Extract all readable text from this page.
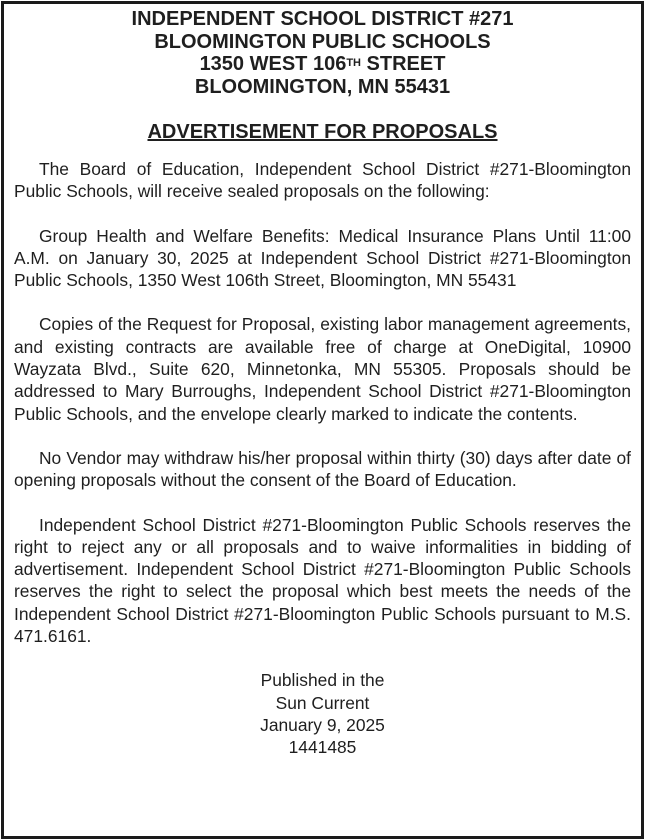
INDEPENDENT SCHOOL DISTRICT #271
BLOOMINGTON PUBLIC SCHOOLS
1350 WEST 106TH STREET
BLOOMINGTON, MN 55431
ADVERTISEMENT FOR PROPOSALS

The Board of Education, Independent School District #271-Bloomington Public Schools, will receive sealed proposals on the following:

Group Health and Welfare Benefits: Medical Insurance Plans Until 11:00 A.M. on January 30, 2025 at Independent School District #271-Bloomington Public Schools, 1350 West 106th Street, Bloomington, MN 55431

Copies of the Request for Proposal, existing labor management agreements, and existing contracts are available free of charge at OneDigital, 10900 Wayzata Blvd., Suite 620, Minnetonka, MN 55305. Proposals should be addressed to Mary Burroughs, Independent School District #271-Bloomington Public Schools, and the envelope clearly marked to indicate the contents.

No Vendor may withdraw his/her proposal within thirty (30) days after date of opening proposals without the consent of the Board of Education.

Independent School District #271-Bloomington Public Schools reserves the right to reject any or all proposals and to waive informalities in bidding of advertisement. Independent School District #271-Bloomington Public Schools reserves the right to select the proposal which best meets the needs of the Independent School District #271-Bloomington Public Schools pursuant to M.S. 471.6161.

Published in the
Sun Current
January 9, 2025
1441485
